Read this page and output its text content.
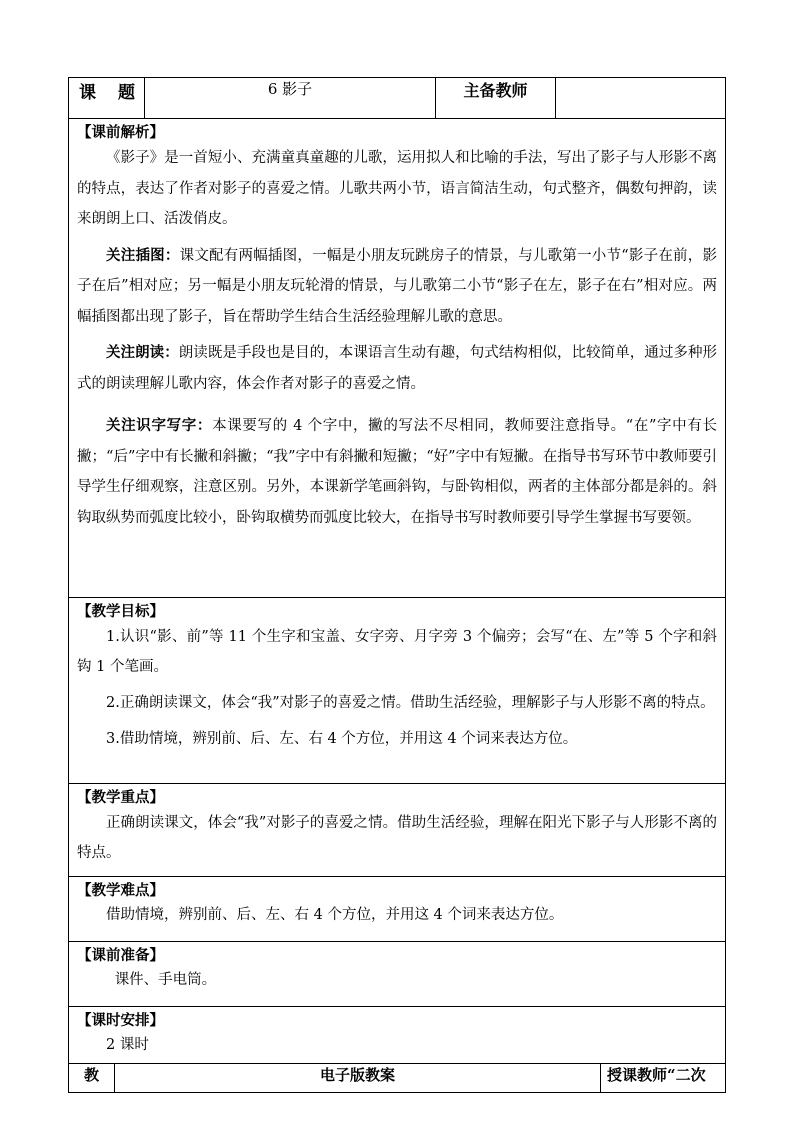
课 题	6 影子	主备教师	

【课前解析】

《影子》是一首短小、充满童真童趣的儿歌，运用拟人和比喻的手法，写出了影子与人形影不离的特点，表达了作者对影子的喜爱之情。儿歌共两小节，语言简洁生动，句式整齐，偶数句押韵，读来朗朗上口、活泼俏皮。

关注插图：课文配有两幅插图，一幅是小朋友玩跳房子的情景，与儿歌第一小节“影子在前，影子在后”相对应；另一幅是小朋友玩轮滑的情景，与儿歌第二小节“影子在左，影子在右”相对应。两幅插图都出现了影子，旨在帮助学生结合生活经验理解儿歌的意思。

关注朗读：朗读既是手段也是目的，本课语言生动有趣，句式结构相似，比较简单，通过多种形式的朗读理解儿歌内容，体会作者对影子的喜爱之情。

关注识字写字：本课要写的 4 个字中，撇的写法不尽相同，教师要注意指导。“在”字中有长撇；“后”字中有长撇和斜撇；“我”字中有斜撇和短撇；“好”字中有短撇。在指导书写环节中教师要引导学生仔细观察，注意区别。另外，本课新学笔画斜钩，与卧钩相似，两者的主体部分都是斜的。斜钩取纵势而弧度比较小，卧钩取横势而弧度比较大，在指导书写时教师要引导学生掌握书写要领。

【教学目标】

1.认识“影、前”等 11 个生字和宝盖、女字旁、月字旁 3 个偏旁；会写“在、左”等 5 个字和斜钩 1 个笔画。

2.正确朗读课文，体会“我”对影子的喜爱之情。借助生活经验，理解影子与人形影不离的特点。

3.借助情境，辨别前、后、左、右 4 个方位，并用这 4 个词来表达方位。

【教学重点】

正确朗读课文，体会“我”对影子的喜爱之情。借助生活经验，理解在阳光下影子与人形影不离的特点。

【教学难点】

借助情境，辨别前、后、左、右 4 个方位，并用这 4 个词来表达方位。

【课前准备】

课件、手电筒。

【课时安排】

2 课时

教	电子版教案	授课教师“二次
